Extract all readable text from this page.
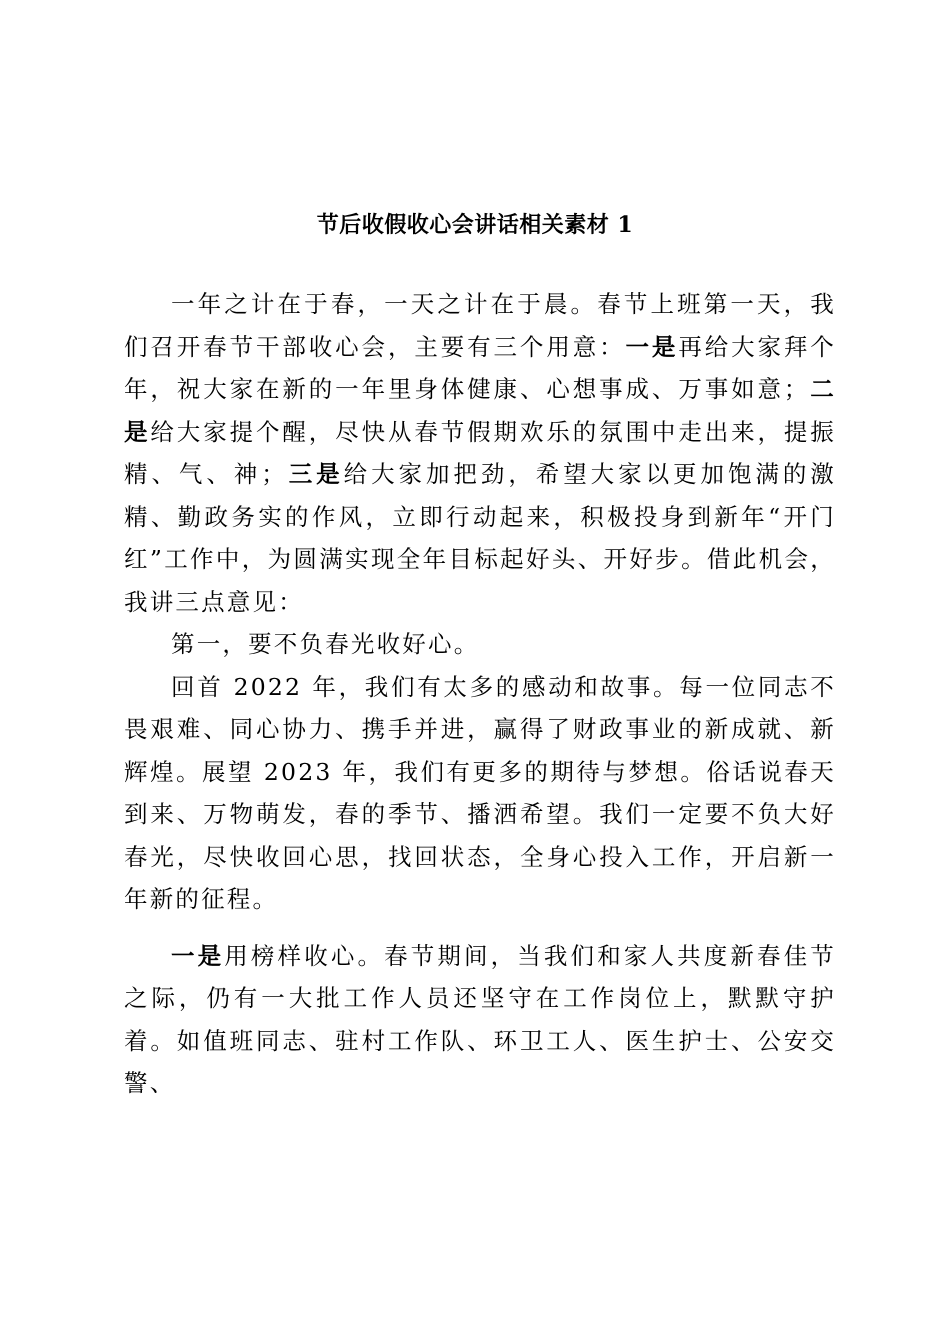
节后收假收心会讲话相关素材 1

一年之计在于春，一天之计在于晨。春节上班第一天，我们召开春节干部收心会，主要有三个用意：一是再给大家拜个年，祝大家在新的一年里身体健康、心想事成、万事如意；二是给大家提个醒，尽快从春节假期欢乐的氛围中走出来，提振精、气、神；三是给大家加把劲，希望大家以更加饱满的激精、勤政务实的作风，立即行动起来，积极投身到新年“开门红”工作中，为圆满实现全年目标起好头、开好步。借此机会，我讲三点意见：

第一，要不负春光收好心。

回首 2022 年，我们有太多的感动和故事。每一位同志不畏艰难、同心协力、携手并进，赢得了财政事业的新成就、新辉煌。展望 2023 年，我们有更多的期待与梦想。俗话说春天到来、万物萌发，春的季节、播洒希望。我们一定要不负大好春光，尽快收回心思，找回状态，全身心投入工作，开启新一年新的征程。

一是用榜样收心。春节期间，当我们和家人共度新春佳节之际，仍有一大批工作人员还坚守在工作岗位上，默默守护着。如值班同志、驻村工作队、环卫工人、医生护士、公安交警、
